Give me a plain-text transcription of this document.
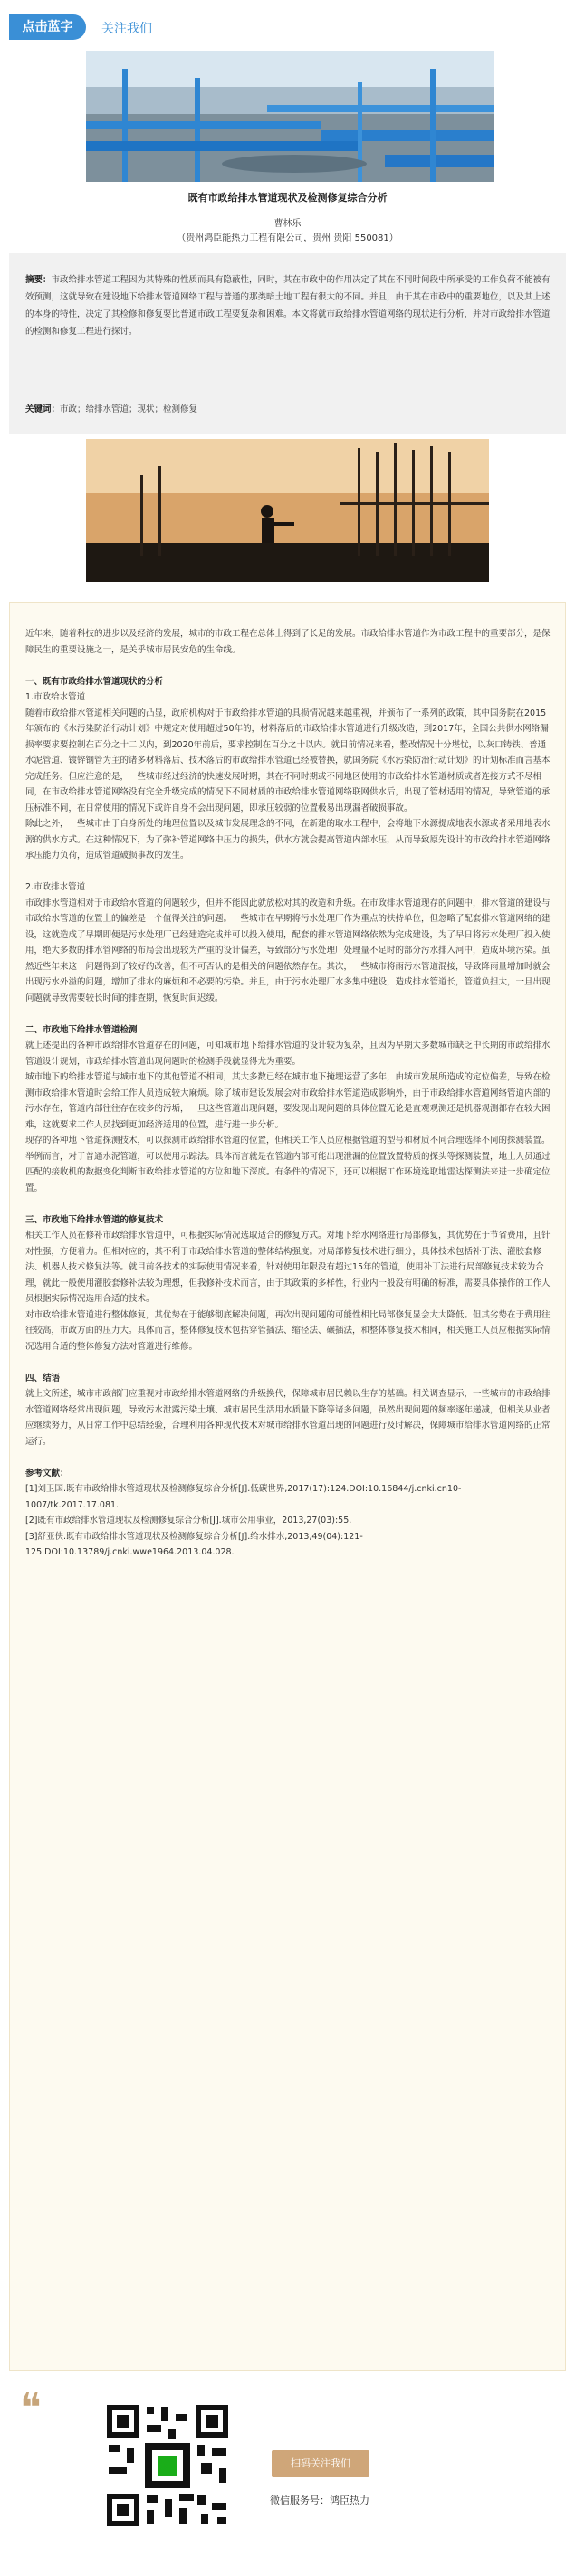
点击蓝字	关注我们
既有市政给排水管道现状及检测修复综合分析
曹林乐
（贵州鸿臣能热力工程有限公司，贵州 贵阳 550081）
摘要：市政给排水管道工程因为其特殊的性质而具有隐蔽性，同时，其在市政中的作用决定了其在不同时间段中所承受的工作负荷不能被有效预测，这就导致在建设地下给排水管道网络工程与普通的那类暗土地工程有很大的不同。并且，由于其在市政中的重要地位，以及其上述的本身的特性，决定了其检修和修复要比普通市政工程要复杂和困难。本文将就市政给排水管道网络的现状进行分析，并对市政给排水管道的检测和修复工程进行探讨。
关键词：市政；给排水管道；现状；检测修复

近年来，随着科技的进步以及经济的发展，城市的市政工程在总体上得到了长足的发展。市政给排水管道作为市政工程中的重要部分，是保障民生的重要设施之一，是关乎城市居民安危的生命线。

一、既有市政给排水管道现状的分析

1.市政给水管道

随着市政给排水管道相关问题的凸显，政府机构对于市政给排水管道的具损情况越来越重视，并颁布了一系列的政策，其中国务院在2015年颁布的《水污染防治行动计划》中规定对使用超过50年的，材料落后的市政给排水管道进行升级改造，到2017年，全国公共供水网络漏损率要求要控制在百分之十二以内，到2020年前后，要求控制在百分之十以内。就目前情况来看，整改情况十分堪忧，以灰口铸铁、普通水泥管道、镀锌钢管为主的诸多材料落后、技术落后的市政给排水管道已经被替换，就国务院《水污染防治行动计划》的计划标准而言基本完成任务。但应注意的是，一些城市经过经济的快速发展时期，其在不同时期或不同地区使用的市政给排水管道材质或者连接方式不尽相同，在市政给排水管道网络没有完全升级完成的情况下不同材质的市政给排水管道网络联网供水后，出现了管材适用的情况，导致管道的承压标准不同，在日常使用的情况下或许自身不会出现问题，即承压较弱的位置极易出现漏者破损事故。

除此之外，一些城市由于自身所处的地理位置以及城市发展理念的不同，在新建的取水工程中，会将地下水源提成地表水源或者采用地表水源的供水方式。在这种情况下，为了弥补管道网络中压力的损失，供水方就会提高管道内部水压，从而导致原先设计的市政给排水管道网络承压能力负荷，造成管道破损事故的发生。

2.市政排水管道

市政排水管道相对于市政给水管道的问题较少，但并不能因此就放松对其的改造和升级。在市政排水管道现存的问题中，排水管道的建设与市政给水管道的位置上的偏差是一个值得关注的问题。一些城市在早期将污水处理厂作为重点的扶持单位，但忽略了配套排水管道网络的建设，这就造成了早期即便是污水处理厂已经建造完成并可以投入使用，配套的排水管道网络依然为完成建设，为了早日将污水处理厂投入使用，绝大多数的排水管网络的布局会出现较为严重的设计偏差，导致部分污水处理厂处理量不足时的部分污水排入河中，造成环境污染。虽然近些年来这一问题得到了较好的改善，但不可否认的是相关的问题依然存在。其次，一些城市将雨污水管道混接，导致降雨量增加时就会出现污水外溢的问题，增加了排水的麻烦和不必要的污染。并且，由于污水处理厂水多集中建设，造成排水管道长，管道负担大，一旦出现问题就导致需要较长时间的排查期，恢复时间迟缓。

二、市政地下给排水管道检测

就上述提出的各种市政给排水管道存在的问题，可知城市地下给排水管道的设计较为复杂，且因为早期大多数城市缺乏中长期的市政给排水管道设计规划，市政给排水管道出现问题时的检测手段就显得尤为重要。

城市地下的给排水管道与城市地下的其他管道不相同，其大多数已经在城市地下掩埋运营了多年，由城市发展所造成的定位偏差，导致在检测市政给排水管道时会给工作人员造成较大麻烦。除了城市建设发展会对市政给排水管道造成影响外，由于市政给排水管道网络管道内部的污水存在，管道内部往往存在较多的污垢，一旦这些管道出现问题，要发现出现问题的具体位置无论是直观观测还是机器观测都存在较大困难，这就要求工作人员找到更加经济适用的位置，进行进一步分析。

现存的各种地下管道探测技术，可以探测市政给排水管道的位置，但相关工作人员应根据管道的型号和材质不同合理选择不同的探测装置。举例而言，对于普通水泥管道，可以使用示踪法。具体而言就是在管道内部可能出现泄漏的位置放置特质的探头等探测装置，地上人员通过匹配的接收机的数据变化判断市政给排水管道的方位和地下深度。有条件的情况下，还可以根据工作环境选取地雷达探测法来进一步确定位置。

三、市政地下给排水管道的修复技术

相关工作人员在修补市政给排水管道中，可根据实际情况选取适合的修复方式。对地下给水网络进行局部修复，其优势在于节省费用，且针对性强，方便着力。但相对应的，其不利于市政给排水管道的整体结构强度。对局部修复技术进行细分，具体技术包括补丁法、灌胶套修法、机器人技术修复法等。就目前各技术的实际使用情况来看，针对使用年限没有超过15年的管道，使用补丁法进行局部修复技术较为合理，就此一般使用灌胶套修补法较为理想，但我修补技术而言，由于其政策的多样性，行业内一般没有明确的标准，需要具体操作的工作人员根据实际情况选用合适的技术。

对市政给排水管道进行整体修复，其优势在于能够彻底解决问题，再次出现问题的可能性相比局部修复显会大大降低。但其劣势在于费用往往较高，市政方面的压力大。具体而言，整体修复技术包括穿管插法、缩径法、碾插法，和整体修复技术相同，相关施工人员应根据实际情况选用合适的整体修复方法对管道进行维修。

四、结语

就上文所述，城市市政部门应重视对市政给排水管道网络的升级换代，保障城市居民赖以生存的基础。相关调查显示，一些城市的市政给排水管道网络经常出现问题，导致污水泄露污染土壤、城市居民生活用水质量下降等诸多问题，虽然出现问题的频率逐年递减，但相关从业者应继续努力，从日常工作中总结经验，合理利用各种现代技术对城市给排水管道出现的问题进行及时解决，保障城市给排水管道网络的正常运行。

参考文献：

[1]刘卫国.既有市政给排水管道现状及检测修复综合分析[J].低碳世界,2017(17):124.DOI:10.16844/j.cnki.cn10-1007/tk.2017.17.081.

[2]既有市政给排水管道现状及检测修复综合分析[J].城市公用事业，2013,27(03):55.

[3]舒亚侠.既有市政给排水管道现状及检测修复综合分析[J].给水排水,2013,49(04):121-125.DOI:10.13789/j.cnki.wwe1964.2013.04.028.

❝
扫码关注我们
微信服务号：鸿臣热力
